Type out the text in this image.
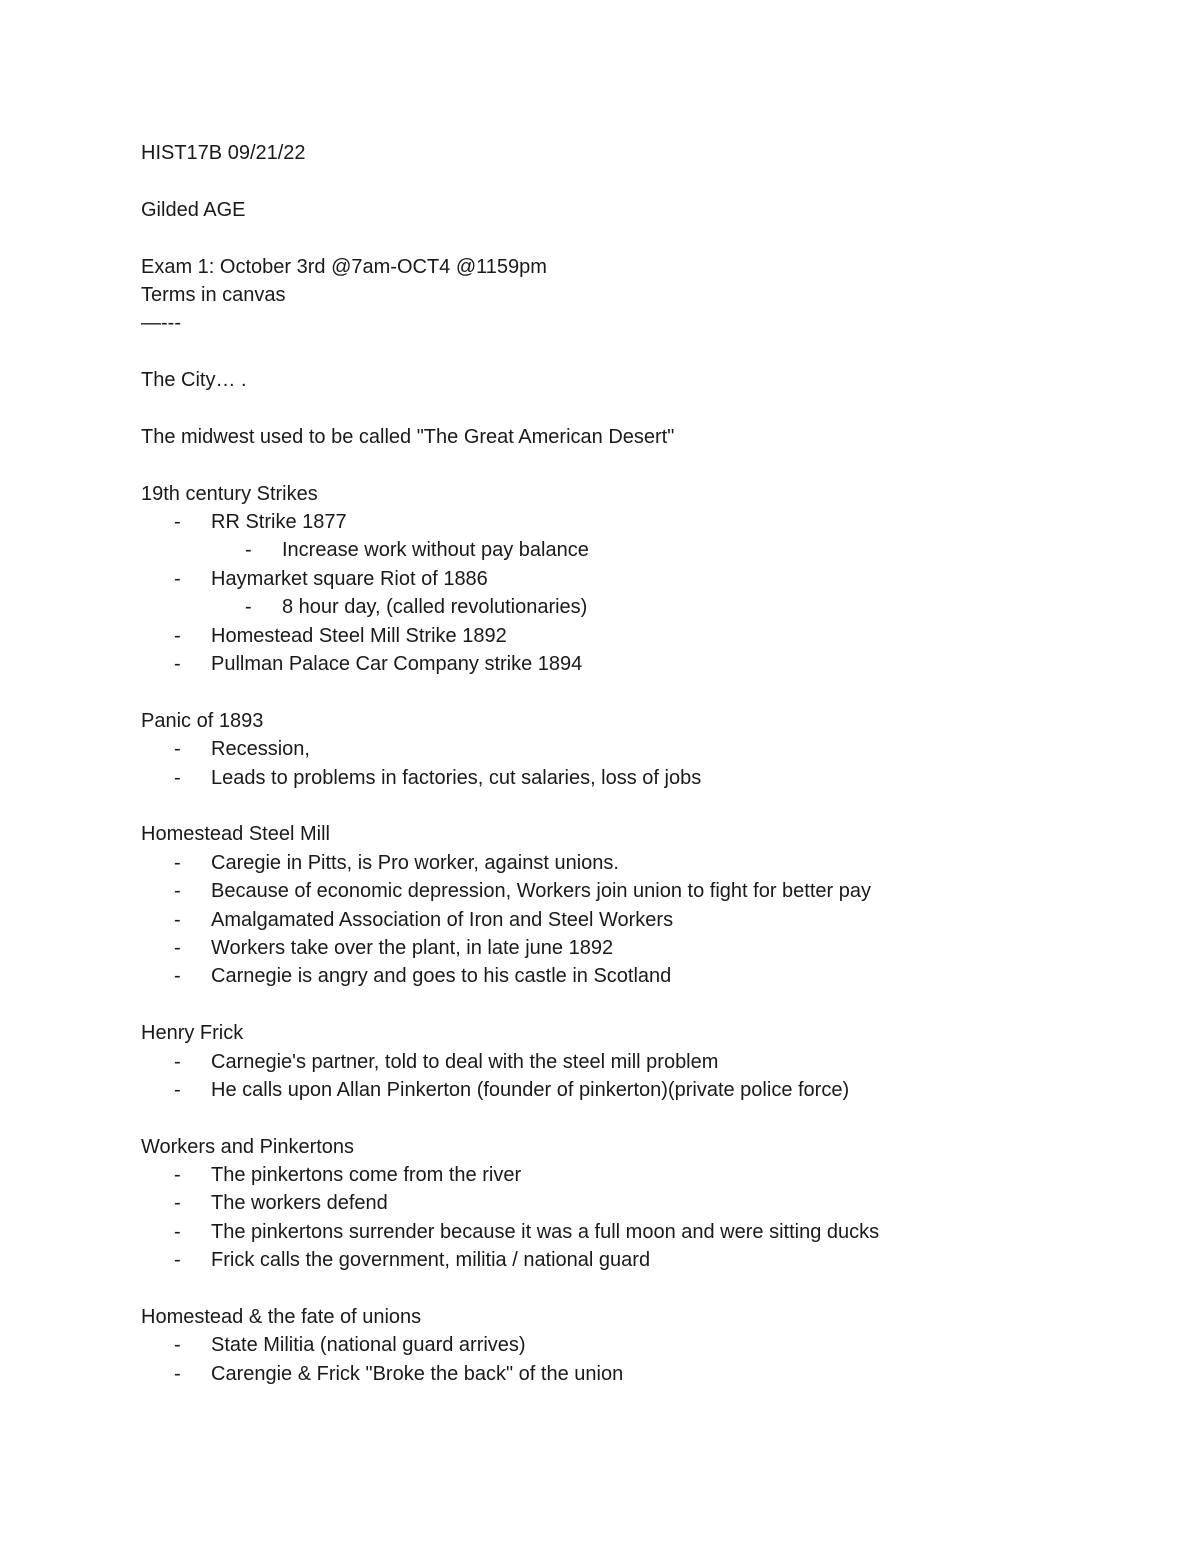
HIST17B 09/21/22
Gilded AGE
Exam 1: October 3rd @7am-OCT4 @1159pm
Terms in canvas
—---
The City… .
The midwest used to be called "The Great American Desert"
19th century Strikes
- RR Strike 1877
- Increase work without pay balance
- Haymarket square Riot of 1886
- 8 hour day, (called revolutionaries)
- Homestead Steel Mill Strike 1892
- Pullman Palace Car Company strike 1894
Panic of 1893
- Recession,
- Leads to problems in factories, cut salaries, loss of jobs
Homestead Steel Mill
- Caregie in Pitts, is Pro worker, against unions.
- Because of economic depression, Workers join union to fight for better pay
- Amalgamated Association of Iron and Steel Workers
- Workers take over the plant, in late june 1892
- Carnegie is angry and goes to his castle in Scotland
Henry Frick
- Carnegie's partner, told to deal with the steel mill problem
- He calls upon Allan Pinkerton (founder of pinkerton)(private police force)
Workers and Pinkertons
- The pinkertons come from the river
- The workers defend
- The pinkertons surrender because it was a full moon and were sitting ducks
- Frick calls the government, militia / national guard
Homestead & the fate of unions
- State Militia (national guard arrives)
- Carengie & Frick "Broke the back" of the union
